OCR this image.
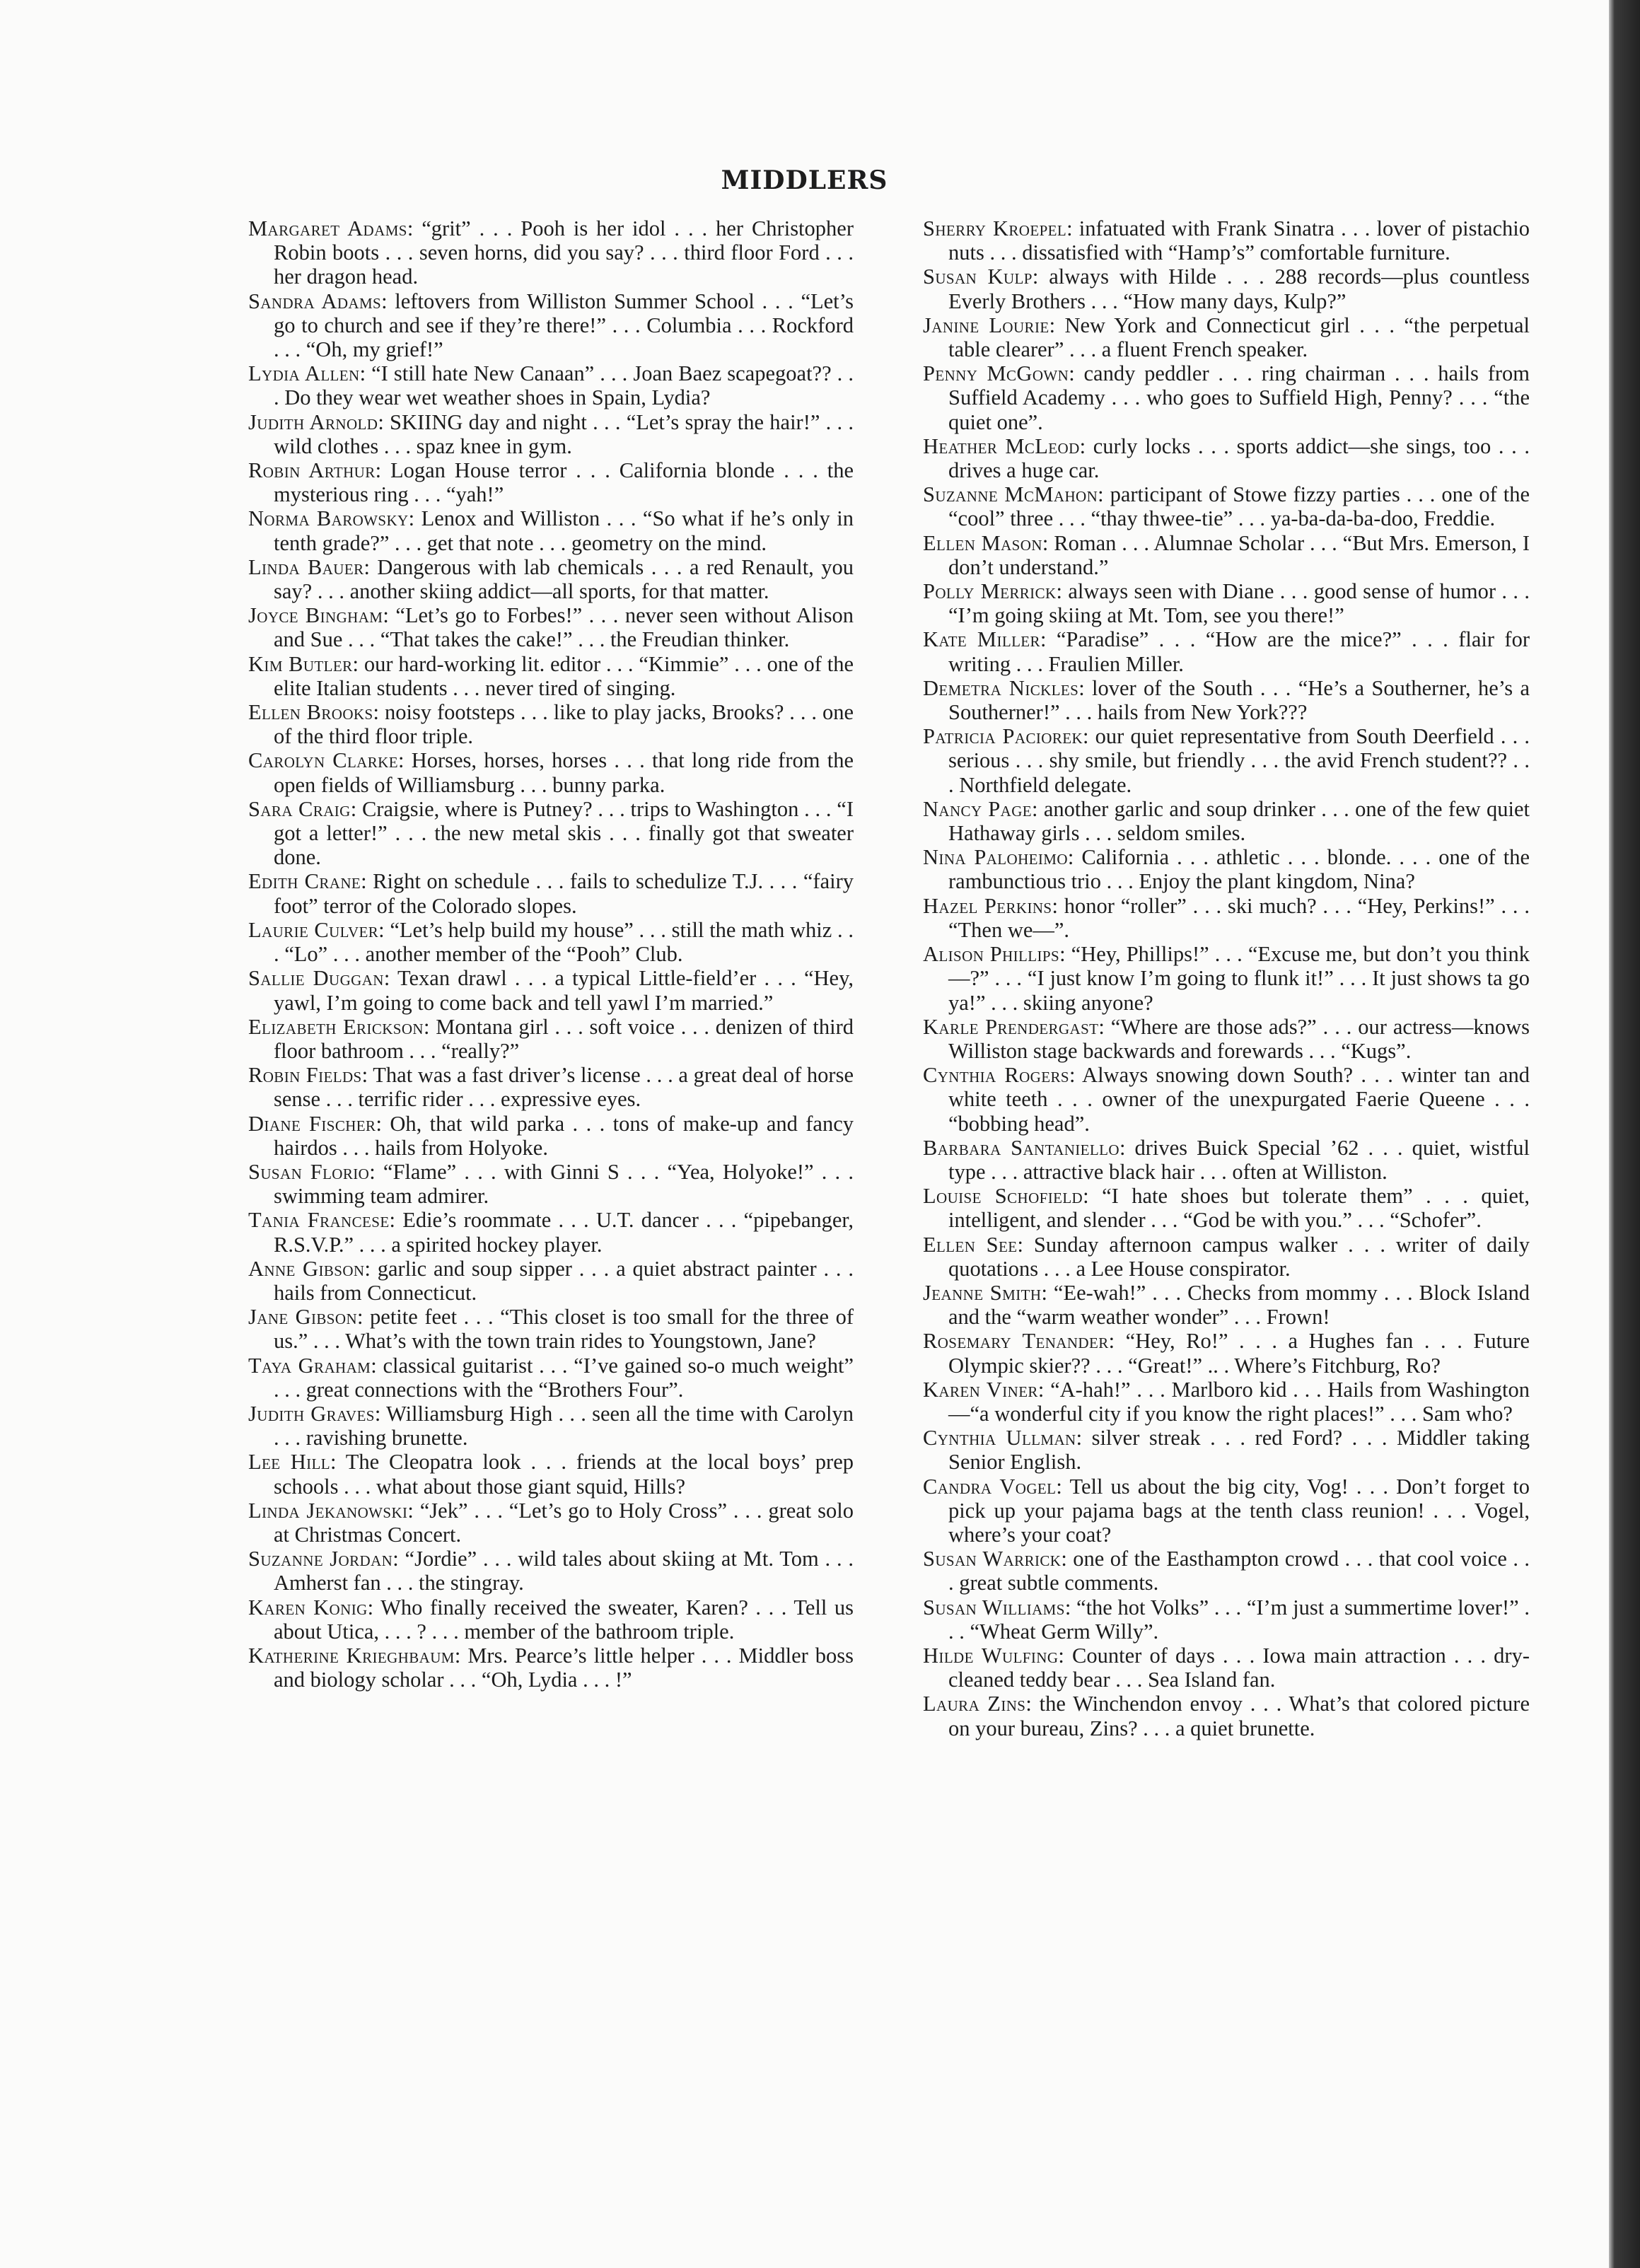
MIDDLERS
Margaret Adams: “grit” . . . Pooh is her idol . . . her Christopher Robin boots . . . seven horns, did you say? . . . third floor Ford . . . her dragon head.
Sandra Adams: leftovers from Williston Summer School . . . “Let’s go to church and see if they’re there!” . . . Columbia . . . Rockford . . . “Oh, my grief!”
Lydia Allen: “I still hate New Canaan” . . . Joan Baez scapegoat?? . . . Do they wear wet weather shoes in Spain, Lydia?
Judith Arnold: SKIING day and night . . . “Let’s spray the hair!” . . . wild clothes . . . spaz knee in gym.
Robin Arthur: Logan House terror . . . California blonde . . . the mysterious ring . . . “yah!”
Norma Barowsky: Lenox and Williston . . . “So what if he’s only in tenth grade?” . . . get that note . . . geometry on the mind.
Linda Bauer: Dangerous with lab chemicals . . . a red Renault, you say? . . . another skiing addict—all sports, for that matter.
Joyce Bingham: “Let’s go to Forbes!” . . . never seen without Alison and Sue . . . “That takes the cake!” . . . the Freudian thinker.
Kim Butler: our hard-working lit. editor . . . “Kimmie” . . . one of the elite Italian students . . . never tired of singing.
Ellen Brooks: noisy footsteps . . . like to play jacks, Brooks? . . . one of the third floor triple.
Carolyn Clarke: Horses, horses, horses . . . that long ride from the open fields of Williamsburg . . . bunny parka.
Sara Craig: Craigsie, where is Putney? . . . trips to Washington . . . “I got a letter!” . . . the new metal skis . . . finally got that sweater done.
Edith Crane: Right on schedule . . . fails to schedulize T.J. . . . “fairy foot” terror of the Colorado slopes.
Laurie Culver: “Let’s help build my house” . . . still the math whiz . . . “Lo” . . . another member of the “Pooh” Club.
Sallie Duggan: Texan drawl . . . a typical Little-field’er . . . “Hey, yawl, I’m going to come back and tell yawl I’m married.”
Elizabeth Erickson: Montana girl . . . soft voice . . . denizen of third floor bathroom . . . “really?”
Robin Fields: That was a fast driver’s license . . . a great deal of horse sense . . . terrific rider . . . expressive eyes.
Diane Fischer: Oh, that wild parka . . . tons of make-up and fancy hairdos . . . hails from Holyoke.
Susan Florio: “Flame” . . . with Ginni S . . . “Yea, Holyoke!” . . . swimming team admirer.
Tania Francese: Edie’s roommate . . . U.T. dancer . . . “pipebanger, R.S.V.P.” . . . a spirited hockey player.
Anne Gibson: garlic and soup sipper . . . a quiet abstract painter . . . hails from Connecticut.
Jane Gibson: petite feet . . . “This closet is too small for the three of us.” . . . What’s with the town train rides to Youngstown, Jane?
Taya Graham: classical guitarist . . . “I’ve gained so-o much weight” . . . great connections with the “Brothers Four”.
Judith Graves: Williamsburg High . . . seen all the time with Carolyn . . . ravishing brunette.
Lee Hill: The Cleopatra look . . . friends at the local boys’ prep schools . . . what about those giant squid, Hills?
Linda Jekanowski: “Jek” . . . “Let’s go to Holy Cross” . . . great solo at Christmas Concert.
Suzanne Jordan: “Jordie” . . . wild tales about skiing at Mt. Tom . . . Amherst fan . . . the stingray.
Karen Konig: Who finally received the sweater, Karen? . . . Tell us about Utica, . . . ? . . . member of the bathroom triple.
Katherine Krieghbaum: Mrs. Pearce’s little helper . . . Middler boss and biology scholar . . . “Oh, Lydia . . . !”
Sherry Kroepel: infatuated with Frank Sinatra . . . lover of pistachio nuts . . . dissatisfied with “Hamp’s” comfortable furniture.
Susan Kulp: always with Hilde . . . 288 records—plus countless Everly Brothers . . . “How many days, Kulp?”
Janine Lourie: New York and Connecticut girl . . . “the perpetual table clearer” . . . a fluent French speaker.
Penny McGown: candy peddler . . . ring chairman . . . hails from Suffield Academy . . . who goes to Suffield High, Penny? . . . “the quiet one”.
Heather McLeod: curly locks . . . sports addict—she sings, too . . . drives a huge car.
Suzanne McMahon: participant of Stowe fizzy parties . . . one of the “cool” three . . . “thay thwee-tie” . . . ya-ba-da-ba-doo, Freddie.
Ellen Mason: Roman . . . Alumnae Scholar . . . “But Mrs. Emerson, I don’t understand.”
Polly Merrick: always seen with Diane . . . good sense of humor . . . “I’m going skiing at Mt. Tom, see you there!”
Kate Miller: “Paradise” . . . “How are the mice?” . . . flair for writing . . . Fraulien Miller.
Demetra Nickles: lover of the South . . . “He’s a Southerner, he’s a Southerner!” . . . hails from New York???
Patricia Paciorek: our quiet representative from South Deerfield . . . serious . . . shy smile, but friendly . . . the avid French student?? . . . Northfield delegate.
Nancy Page: another garlic and soup drinker . . . one of the few quiet Hathaway girls . . . seldom smiles.
Nina Paloheimo: California . . . athletic . . . blonde. . . . one of the rambunctious trio . . . Enjoy the plant kingdom, Nina?
Hazel Perkins: honor “roller” . . . ski much? . . . “Hey, Perkins!” . . . “Then we—”.
Alison Phillips: “Hey, Phillips!” . . . “Excuse me, but don’t you think—?” . . . “I just know I’m going to flunk it!” . . . It just shows ta go ya!” . . . skiing anyone?
Karle Prendergast: “Where are those ads?” . . . our actress—knows Williston stage backwards and forewards . . . “Kugs”.
Cynthia Rogers: Always snowing down South? . . . winter tan and white teeth . . . owner of the unexpurgated Faerie Queene . . . “bobbing head”.
Barbara Santaniello: drives Buick Special ’62 . . . quiet, wistful type . . . attractive black hair . . . often at Williston.
Louise Schofield: “I hate shoes but tolerate them” . . . quiet, intelligent, and slender . . . “God be with you.” . . . “Schofer”.
Ellen See: Sunday afternoon campus walker . . . writer of daily quotations . . . a Lee House conspirator.
Jeanne Smith: “Ee-wah!” . . . Checks from mommy . . . Block Island and the “warm weather wonder” . . . Frown!
Rosemary Tenander: “Hey, Ro!” . . . a Hughes fan . . . Future Olympic skier?? . . . “Great!” .. . Where’s Fitchburg, Ro?
Karen Viner: “A-hah!” . . . Marlboro kid . . . Hails from Washington—“a wonderful city if you know the right places!” . . . Sam who?
Cynthia Ullman: silver streak . . . red Ford? . . . Middler taking Senior English.
Candra Vogel: Tell us about the big city, Vog! . . . Don’t forget to pick up your pajama bags at the tenth class reunion! . . . Vogel, where’s your coat?
Susan Warrick: one of the Easthampton crowd . . . that cool voice . . . great subtle comments.
Susan Williams: “the hot Volks” . . . “I’m just a summertime lover!” . . . “Wheat Germ Willy”.
Hilde Wulfing: Counter of days . . . Iowa main attraction . . . dry-cleaned teddy bear . . . Sea Island fan.
Laura Zins: the Winchendon envoy . . . What’s that colored picture on your bureau, Zins? . . . a quiet brunette.
